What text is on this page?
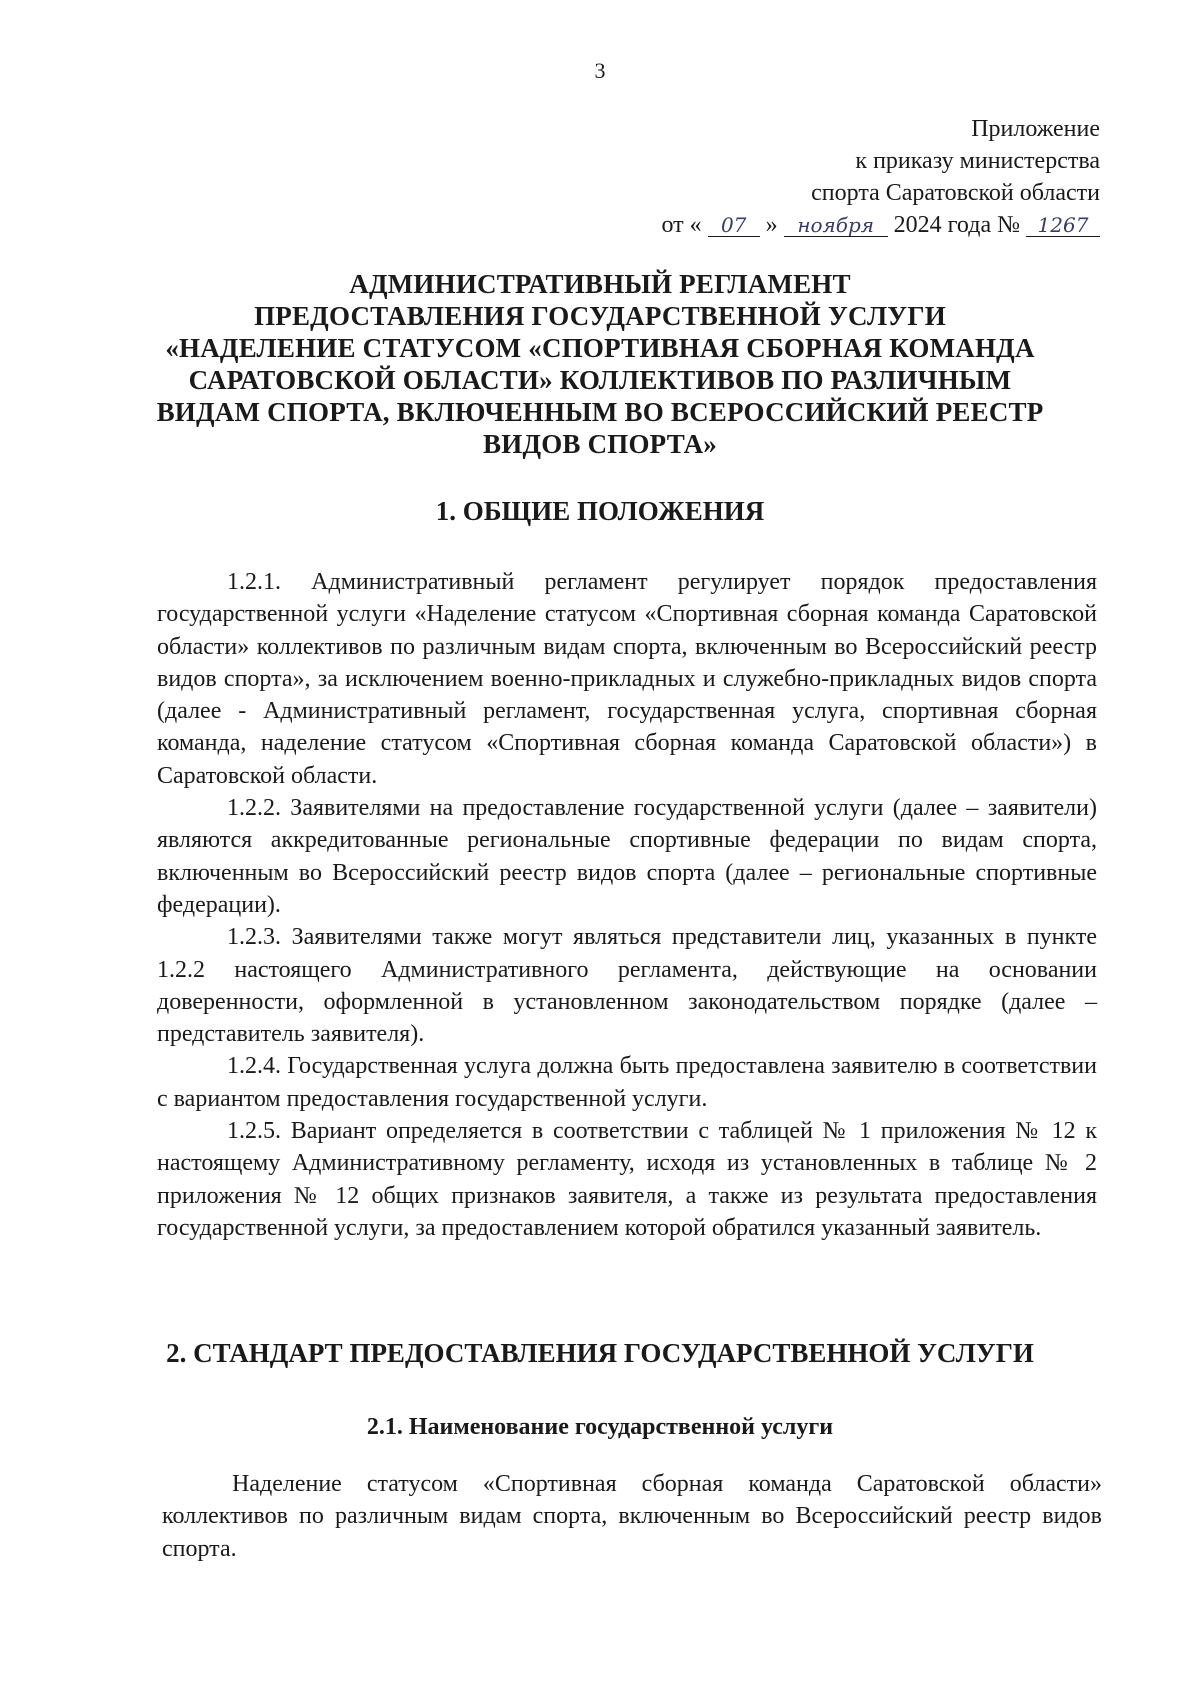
3
Приложение
к приказу министерства
спорта Саратовской области
от « 07 » ноября 2024 года № 1267
АДМИНИСТРАТИВНЫЙ РЕГЛАМЕНТ
ПРЕДОСТАВЛЕНИЯ ГОСУДАРСТВЕННОЙ УСЛУГИ
«НАДЕЛЕНИЕ СТАТУСОМ «СПОРТИВНАЯ СБОРНАЯ КОМАНДА
САРАТОВСКОЙ ОБЛАСТИ» КОЛЛЕКТИВОВ ПО РАЗЛИЧНЫМ
ВИДАМ СПОРТА, ВКЛЮЧЕННЫМ ВО ВСЕРОССИЙСКИЙ РЕЕСТР
ВИДОВ СПОРТА»
1. ОБЩИЕ ПОЛОЖЕНИЯ

1.2.1. Административный регламент регулирует порядок предоставления государственной услуги «Наделение статусом «Спортивная сборная команда Саратовской области» коллективов по различным видам спорта, включенным во Всероссийский реестр видов спорта», за исключением военно-прикладных и служебно-прикладных видов спорта (далее - Административный регламент, государственная услуга, спортивная сборная команда, наделение статусом «Спортивная сборная команда Саратовской области») в Саратовской области.

1.2.2. Заявителями на предоставление государственной услуги (далее – заявители) являются аккредитованные региональные спортивные федерации по видам спорта, включенным во Всероссийский реестр видов спорта (далее – региональные спортивные федерации).

1.2.3. Заявителями также могут являться представители лиц, указанных в пункте 1.2.2 настоящего Административного регламента, действующие на основании доверенности, оформленной в установленном законодательством порядке (далее – представитель заявителя).

1.2.4. Государственная услуга должна быть предоставлена заявителю в соответствии с вариантом предоставления государственной услуги.

1.2.5. Вариант определяется в соответствии с таблицей № 1 приложения № 12 к настоящему Административному регламенту, исходя из установленных в таблице № 2 приложения № 12 общих признаков заявителя, а также из результата предоставления государственной услуги, за предоставлением которой обратился указанный заявитель.

2. СТАНДАРТ ПРЕДОСТАВЛЕНИЯ ГОСУДАРСТВЕННОЙ УСЛУГИ
2.1. Наименование государственной услуги

Наделение статусом «Спортивная сборная команда Саратовской области» коллективов по различным видам спорта, включенным во Всероссийский реестр видов спорта.
